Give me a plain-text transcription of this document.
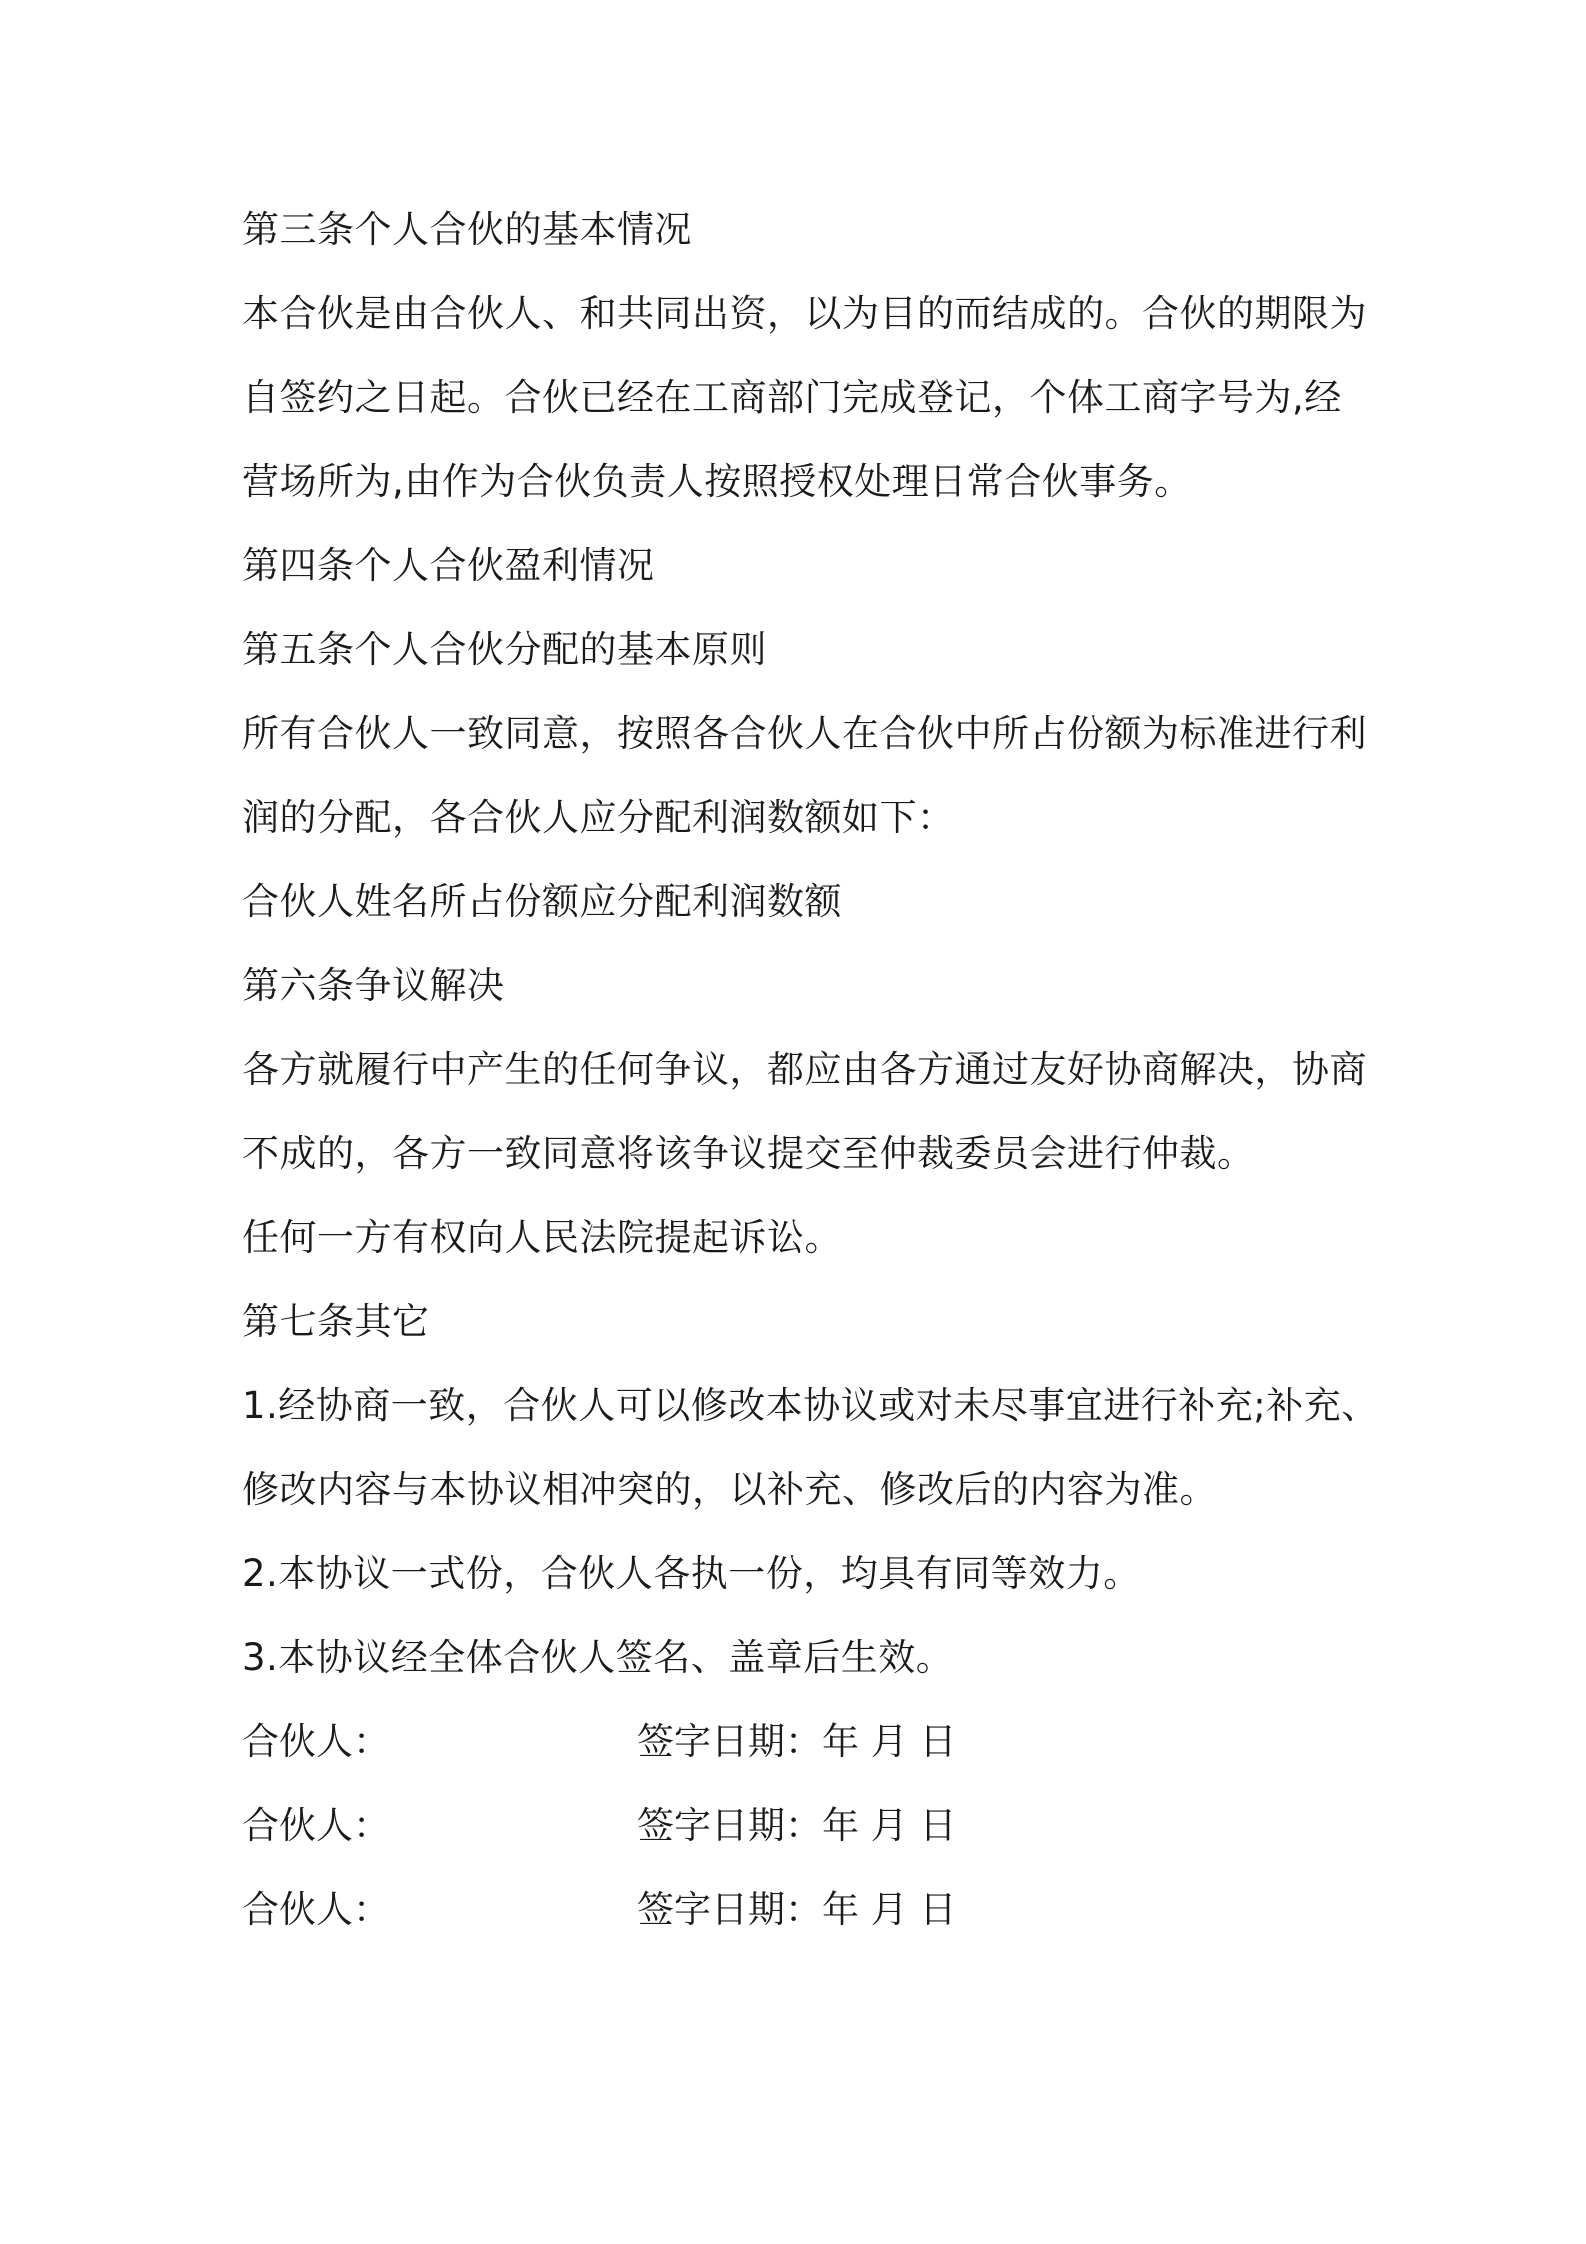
第三条个人合伙的基本情况
本合伙是由合伙人、和共同出资，以为目的而结成的。合伙的期限为
自签约之日起。合伙已经在工商部门完成登记，个体工商字号为,经
营场所为,由作为合伙负责人按照授权处理日常合伙事务。
第四条个人合伙盈利情况
第五条个人合伙分配的基本原则
所有合伙人一致同意，按照各合伙人在合伙中所占份额为标准进行利
润的分配，各合伙人应分配利润数额如下：
合伙人姓名所占份额应分配利润数额
第六条争议解决
各方就履行中产生的任何争议，都应由各方通过友好协商解决，协商
不成的，各方一致同意将该争议提交至仲裁委员会进行仲裁。
任何一方有权向人民法院提起诉讼。
第七条其它
1.经协商一致，合伙人可以修改本协议或对未尽事宜进行补充;补充、
修改内容与本协议相冲突的，以补充、修改后的内容为准。
2.本协议一式份，合伙人各执一份，均具有同等效力。
3.本协议经全体合伙人签名、盖章后生效。
合伙人：	签字日期：年 月 日
合伙人：	签字日期：年 月 日
合伙人：	签字日期：年 月 日
